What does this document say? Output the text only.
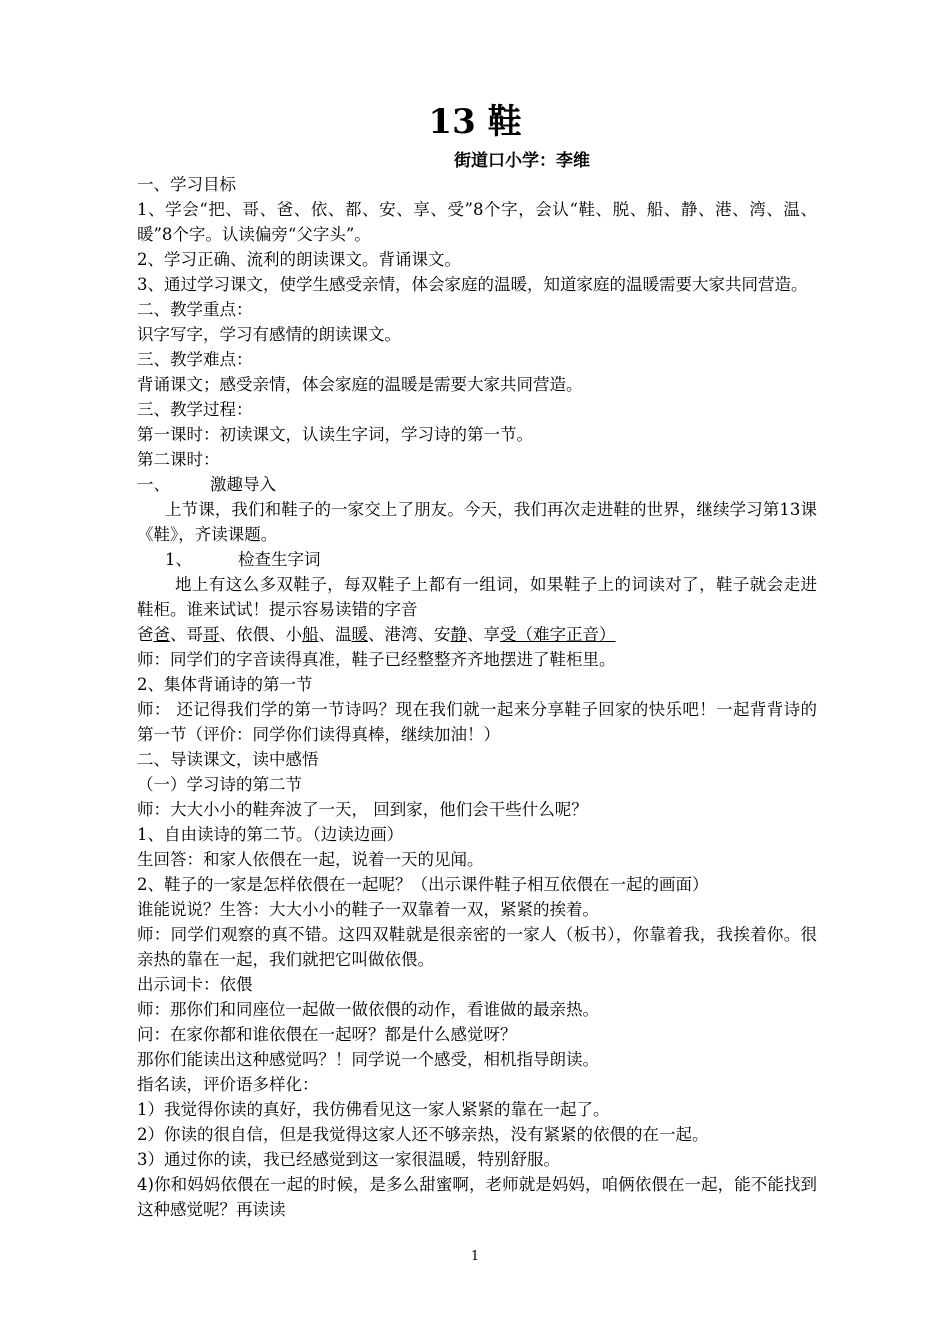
13 鞋
街道口小学：李维

一、学习目标

1、学会“把、哥、爸、依、都、安、享、受”8个字，会认“鞋、脱、船、静、港、湾、温、暖”8个字。认读偏旁“父字头”。

2、学习正确、流利的朗读课文。背诵课文。

3、通过学习课文，使学生感受亲情，体会家庭的温暖，知道家庭的温暖需要大家共同营造。

二、教学重点：

识字写字，学习有感情的朗读课文。

三、教学难点：

背诵课文；感受亲情，体会家庭的温暖是需要大家共同营造。

三、教学过程：

第一课时：初读课文，认读生字词，学习诗的第一节。

第二课时：

一、 激趣导入

上节课，我们和鞋子的一家交上了朋友。今天，我们再次走进鞋的世界，继续学习第13课《鞋》，齐读课题。

1、	检查生字词

地上有这么多双鞋子，每双鞋子上都有一组词，如果鞋子上的词读对了，鞋子就会走进鞋柜。谁来试试！提示容易读错的字音

爸爸、哥哥、依偎、小船、温暖、港湾、安静、享受（难字正音）

师：同学们的字音读得真准，鞋子已经整整齐齐地摆进了鞋柜里。

2、集体背诵诗的第一节

师： 还记得我们学的第一节诗吗？现在我们就一起来分享鞋子回家的快乐吧！一起背背诗的第一节（评价：同学你们读得真棒，继续加油！）

二、导读课文，读中感悟

（一）学习诗的第二节

师：大大小小的鞋奔波了一天， 回到家，他们会干些什么呢？

1、自由读诗的第二节。（边读边画）

生回答：和家人依偎在一起，说着一天的见闻。

2、鞋子的一家是怎样依偎在一起呢？（出示课件鞋子相互依偎在一起的画面）

谁能说说？生答：大大小小的鞋子一双靠着一双，紧紧的挨着。

师：同学们观察的真不错。这四双鞋就是很亲密的一家人（板书），你靠着我，我挨着你。很亲热的靠在一起，我们就把它叫做依偎。

出示词卡：依偎

师：那你们和同座位一起做一做依偎的动作，看谁做的最亲热。

问：在家你都和谁依偎在一起呀？都是什么感觉呀？

那你们能读出这种感觉吗？！同学说一个感受，相机指导朗读。

指名读，评价语多样化：

1）我觉得你读的真好，我仿佛看见这一家人紧紧的靠在一起了。

2）你读的很自信，但是我觉得这家人还不够亲热，没有紧紧的依偎的在一起。

3）通过你的读，我已经感觉到这一家很温暖，特别舒服。

4)你和妈妈依偎在一起的时候，是多么甜蜜啊，老师就是妈妈，咱俩依偎在一起，能不能找到这种感觉呢？再读读

1
